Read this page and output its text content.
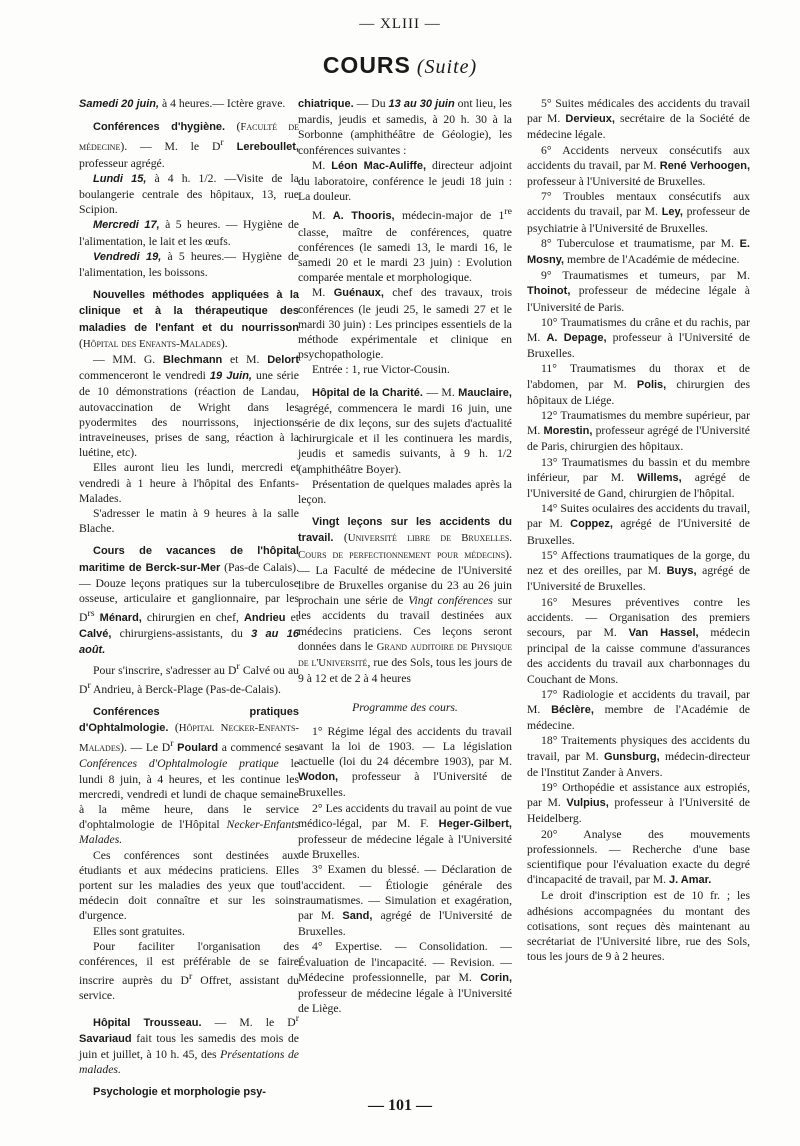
— XLIII —
COURS (Suite)

Samedi 20 juin, à 4 heures.— Ictère grave.

Conférences d'hygiène. (Faculté de médecine). — M. le $D^r$ Lereboullet, professeur agrégé.

Lundi 15, à 4 h. 1/2. —Visite de la boulangerie centrale des hôpitaux, 13, rue Scipion.

Mercredi 17, à 5 heures. — Hygiène de l'alimentation, le lait et les œufs.

Vendredi 19, à 5 heures.— Hygiène de l'alimentation, les boissons.

Nouvelles méthodes appliquées à la clinique et à la thérapeutique des maladies de l'enfant et du nourrisson (Hôpital des Enfants-Malades).

— MM. G. Blechmann et M. Delort commenceront le vendredi 19 Juin, une série de 10 démonstrations (réaction de Landau, autovaccination de Wright dans les pyodermites des nourrissons, injections intraveineuses, prises de sang, réaction à la luétine, etc).

Elles auront lieu les lundi, mercredi et vendredi à 1 heure à l'hôpital des Enfants-Malades.

S'adresser le matin à 9 heures à la salle Blache.

Cours de vacances de l'hôpital maritime de Berck-sur-Mer (Pas-de Calais). — Douze leçons pratiques sur la tuberculose osseuse, articulaire et ganglionnaire, par les $D^{rs}$ Ménard, chirurgien en chef, Andrieu et Calvé, chirurgiens-assistants, du 3 au 16 août.

Pour s'inscrire, s'adresser au $D^r$ Calvé ou au $D^r$ Andrieu, à Berck-Plage (Pas-de-Calais).

Conférences pratiques d'Ophtalmologie. (Hôpital Necker-Enfants-Malades). — Le $D^r$ Poulard a commencé ses Conférences d'Ophtalmologie pratique le lundi 8 juin, à 4 heures, et les continue les mercredi, vendredi et lundi de chaque semaine à la même heure, dans le service d'ophtalmologie de l'Hôpital Necker-Enfants Malades.

Ces conférences sont destinées aux étudiants et aux médecins praticiens. Elles portent sur les maladies des yeux que tout médecin doit connaître et sur les soins d'urgence.

Elles sont gratuites.

Pour faciliter l'organisation des conférences, il est préférable de se faire inscrire auprès du $D^r$ Offret, assistant du service.

Hôpital Trousseau. — M. le $D^r$ Savariaud fait tous les samedis des mois de juin et juillet, à 10 h. 45, des Présentations de malades.

Psychologie et morphologie psy-

chiatrique. — Du 13 au 30 juin ont lieu, les mardis, jeudis et samedis, à 20 h. 30 à la Sorbonne (amphithéâtre de Géologie), les conférences suivantes :

M. Léon Mac-Auliffe, directeur adjoint du laboratoire, conférence le jeudi 18 juin : La douleur.

M. A. Thooris, médecin-major de 1re classe, maître de conférences, quatre conférences (le samedi 13, le mardi 16, le samedi 20 et le mardi 23 juin) : Evolution comparée mentale et morphologique.

M. Guénaux, chef des travaux, trois conférences (le jeudi 25, le samedi 27 et le mardi 30 juin) : Les principes essentiels de la méthode expérimentale et clinique en psychopathologie.

Entrée : 1, rue Victor-Cousin.

Hôpital de la Charité. — M. Mauclaire, agrégé, commencera le mardi 16 juin, une série de dix leçons, sur des sujets d'actualité chirurgicale et il les continuera les mardis, jeudis et samedis suivants, à 9 h. 1/2 (amphithéâtre Boyer).

Présentation de quelques malades après la leçon.

Vingt leçons sur les accidents du travail. (Université libre de Bruxelles. Cours de perfectionnement pour médecins). — La Faculté de médecine de l'Université libre de Bruxelles organise du 23 au 26 juin prochain une série de Vingt conférences sur les accidents du travail destinées aux médecins praticiens. Ces leçons seront données dans le Grand auditoire de Physique de l'Université, rue des Sols, tous les jours de 9 à 12 et de 2 à 4 heures

Programme des cours.

1° Régime légal des accidents du travail avant la loi de 1903. — La législation actuelle (loi du 24 décembre 1903), par M. Wodon, professeur à l'Université de Bruxelles.

2° Les accidents du travail au point de vue médico-légal, par M. F. Heger-Gilbert, professeur de médecine légale à l'Université de Bruxelles.

3° Examen du blessé. — Déclaration de l'accident. — Étiologie générale des traumatismes. — Simulation et exagération, par M. Sand, agrégé de l'Université de Bruxelles.

4° Expertise. — Consolidation. — Évaluation de l'incapacité. — Revision. — Médecine professionnelle, par M. Corin, professeur de médecine légale à l'Université de Liège.

5° Suites médicales des accidents du travail par M. Dervieux, secrétaire de la Société de médecine légale.

6° Accidents nerveux consécutifs aux accidents du travail, par M. René Verhoogen, professeur à l'Université de Bruxelles.

7° Troubles mentaux consécutifs aux accidents du travail, par M. Ley, professeur de psychiatrie à l'Université de Bruxelles.

8° Tuberculose et traumatisme, par M. E. Mosny, membre de l'Académie de médecine.

9° Traumatismes et tumeurs, par M. Thoinot, professeur de médecine légale à l'Université de Paris.

10° Traumatismes du crâne et du rachis, par M. A. Depage, professeur à l'Université de Bruxelles.

11° Traumatismes du thorax et de l'abdomen, par M. Polis, chirurgien des hôpitaux de Liége.

12° Traumatismes du membre supérieur, par M. Morestin, professeur agrégé de l'Université de Paris, chirurgien des hôpitaux.

13° Traumatismes du bassin et du membre inférieur, par M. Willems, agrégé de l'Université de Gand, chirurgien de l'hôpital.

14° Suites oculaires des accidents du travail, par M. Coppez, agrégé de l'Université de Bruxelles.

15° Affections traumatiques de la gorge, du nez et des oreilles, par M. Buys, agrégé de l'Université de Bruxelles.

16° Mesures préventives contre les accidents. — Organisation des premiers secours, par M. Van Hassel, médecin principal de la caisse commune d'assurances des accidents du travail aux charbonnages du Couchant de Mons.

17° Radiologie et accidents du travail, par M. Béclère, membre de l'Académie de médecine.

18° Traitements physiques des accidents du travail, par M. Gunsburg, médecin-directeur de l'Institut Zander à Anvers.

19° Orthopédie et assistance aux estropiés, par M. Vulpius, professeur à l'Université de Heidelberg.

20° Analyse des mouvements professionnels. — Recherche d'une base scientifique pour l'évaluation exacte du degré d'incapacité de travail, par M. J. Amar.

Le droit d'inscription est de 10 fr. ; les adhésions accompagnées du montant des cotisations, sont reçues dès maintenant au secrétariat de l'Université libre, rue des Sols, tous les jours de 9 à 2 heures.

— 101 —
